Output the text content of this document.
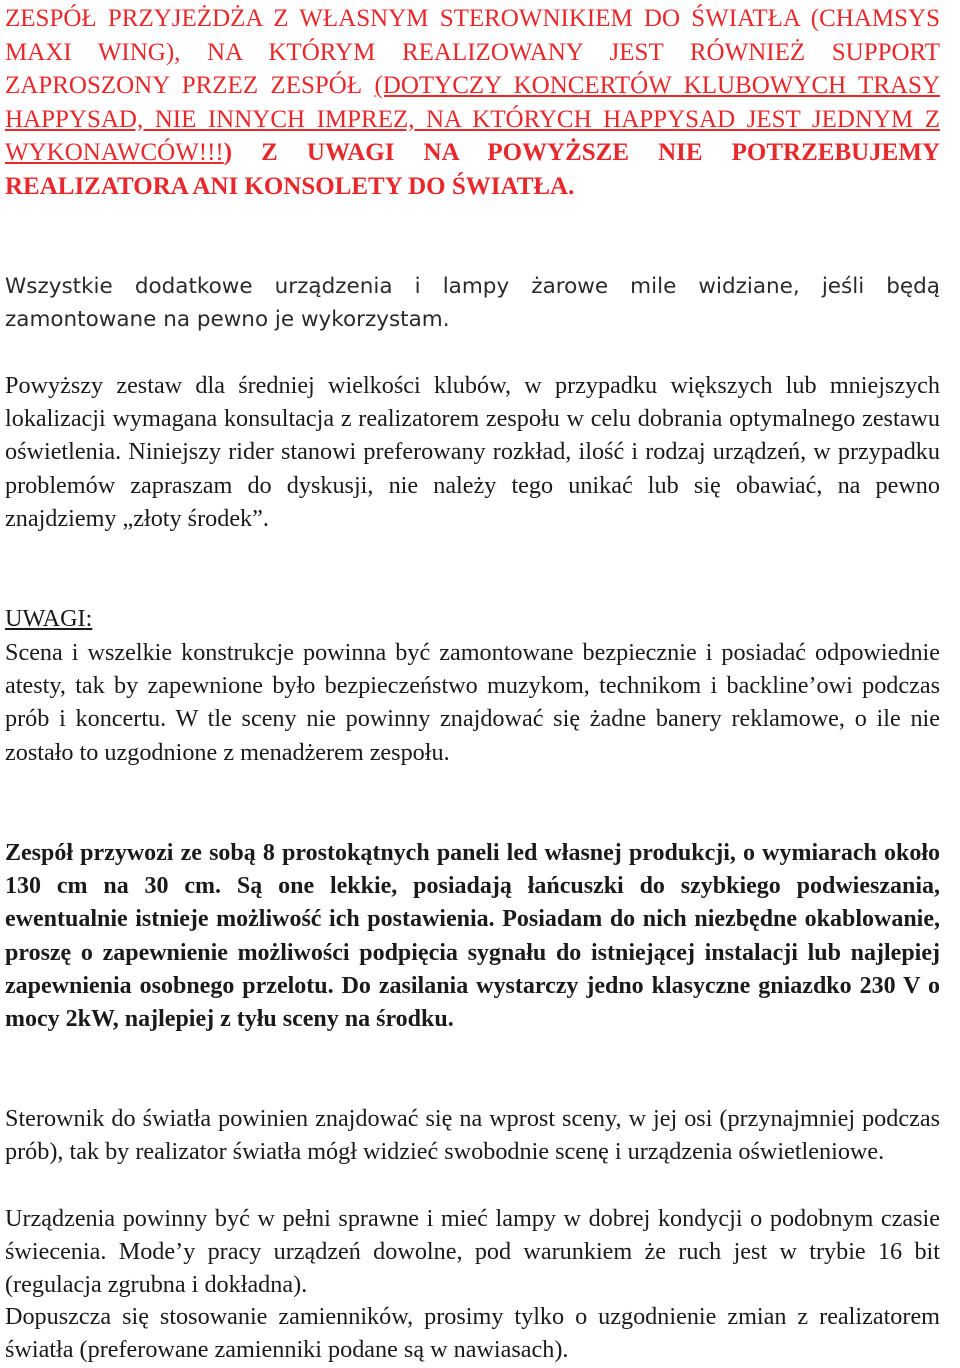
ZESPÓŁ PRZYJEŻDŻA Z WŁASNYM STEROWNIKIEM DO ŚWIATŁA (CHAMSYS MAXI WING), NA KTÓRYM REALIZOWANY JEST RÓWNIEŻ SUPPORT ZAPROSZONY PRZEZ ZESPÓŁ (DOTYCZY KONCERTÓW KLUBOWYCH TRASY HAPPYSAD, NIE INNYCH IMPREZ, NA KTÓRYCH HAPPYSAD JEST JEDNYM Z WYKONAWCÓW!!!) Z UWAGI NA POWYŻSZE NIE POTRZEBUJEMY REALIZATORA ANI KONSOLETY DO ŚWIATŁA.

Wszystkie dodatkowe urządzenia i lampy żarowe mile widziane, jeśli będą zamontowane na pewno je wykorzystam.

Powyższy zestaw dla średniej wielkości klubów, w przypadku większych lub mniejszych lokalizacji wymagana konsultacja z realizatorem zespołu w celu dobrania optymalnego zestawu oświetlenia. Niniejszy rider stanowi preferowany rozkład, ilość i rodzaj urządzeń, w przypadku problemów zapraszam do dyskusji, nie należy tego unikać lub się obawiać, na pewno znajdziemy „złoty środek”.

UWAGI:

Scena i wszelkie konstrukcje powinna być zamontowane bezpiecznie i posiadać odpowiednie atesty, tak by zapewnione było bezpieczeństwo muzykom, technikom i backline’owi podczas prób i koncertu. W tle sceny nie powinny znajdować się żadne banery reklamowe, o ile nie zostało to uzgodnione z menadżerem zespołu.

Zespół przywozi ze sobą 8 prostokątnych paneli led własnej produkcji, o wymiarach około 130 cm na 30 cm. Są one lekkie, posiadają łańcuszki do szybkiego podwieszania, ewentualnie istnieje możliwość ich postawienia. Posiadam do nich niezbędne okablowanie, proszę o zapewnienie możliwości podpięcia sygnału do istniejącej instalacji lub najlepiej zapewnienia osobnego przelotu. Do zasilania wystarczy jedno klasyczne gniazdko 230 V o mocy 2kW, najlepiej z tyłu sceny na środku.

Sterownik do światła powinien znajdować się na wprost sceny, w jej osi (przynajmniej podczas prób), tak by realizator światła mógł widzieć swobodnie scenę i urządzenia oświetleniowe.

Urządzenia powinny być w pełni sprawne i mieć lampy w dobrej kondycji o podobnym czasie świecenia. Mode’y pracy urządzeń dowolne, pod warunkiem że ruch jest w trybie 16 bit (regulacja zgrubna i dokładna).

Dopuszcza się stosowanie zamienników, prosimy tylko o uzgodnienie zmian z realizatorem światła (preferowane zamienniki podane są w nawiasach).
